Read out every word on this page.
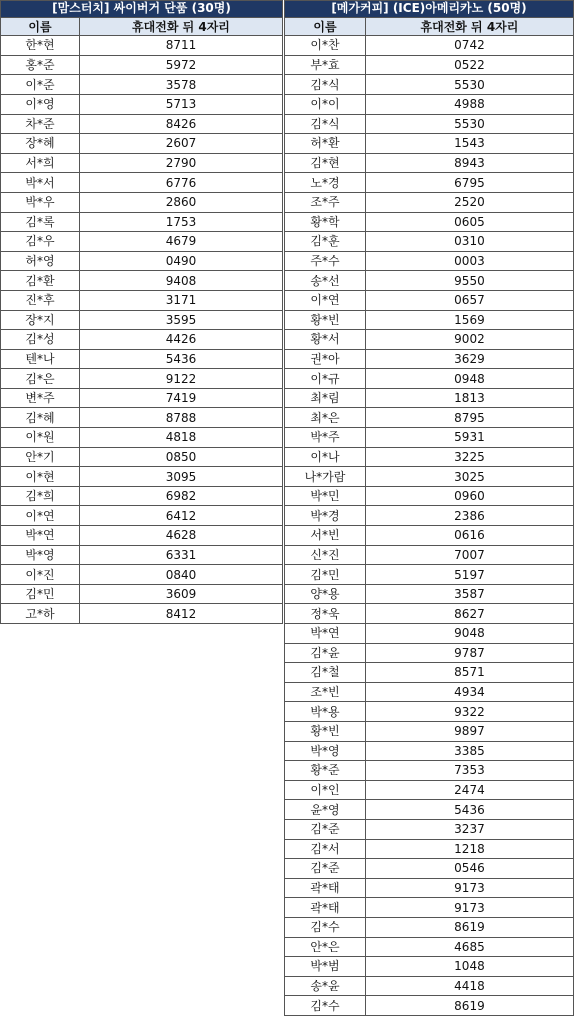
[맘스터치] 싸이버거 단품 (30명)	
이름	휴대전화 뒤 4자리
한*현	8711
홍*준	5972
이*준	3578
이*영	5713
차*준	8426
장*혜	2607
서*희	2790
박*서	6776
박*우	2860
김*록	1753
김*우	4679
허*영	0490
김*환	9408
진*후	3171
장*지	3595
김*성	4426
텐*나	5436
김*은	9122
변*주	7419
김*혜	8788
이*원	4818
안*기	0850
이*현	3095
김*희	6982
이*연	6412
박*연	4628
박*영	6331
이*진	0840
김*민	3609
고*하	8412
[메가커피] (ICE)아메리카노 (50명)	
이름	휴대전화 뒤 4자리
이*찬	0742
부*효	0522
김*식	5530
이*이	4988
김*식	5530
허*환	1543
김*현	8943
노*경	6795
조*주	2520
황*학	0605
김*훈	0310
주*수	0003
송*선	9550
이*연	0657
황*빈	1569
황*서	9002
권*아	3629
이*규	0948
최*림	1813
최*은	8795
박*주	5931
이*나	3225
나*가람	3025
박*민	0960
박*경	2386
서*빈	0616
신*진	7007
김*민	5197
양*용	3587
정*욱	8627
박*연	9048
김*윤	9787
김*철	8571
조*빈	4934
박*용	9322
황*빈	9897
박*영	3385
황*준	7353
이*인	2474
윤*영	5436
김*준	3237
김*서	1218
김*준	0546
곽*태	9173
곽*태	9173
김*수	8619
안*은	4685
박*범	1048
송*윤	4418
김*수	8619
